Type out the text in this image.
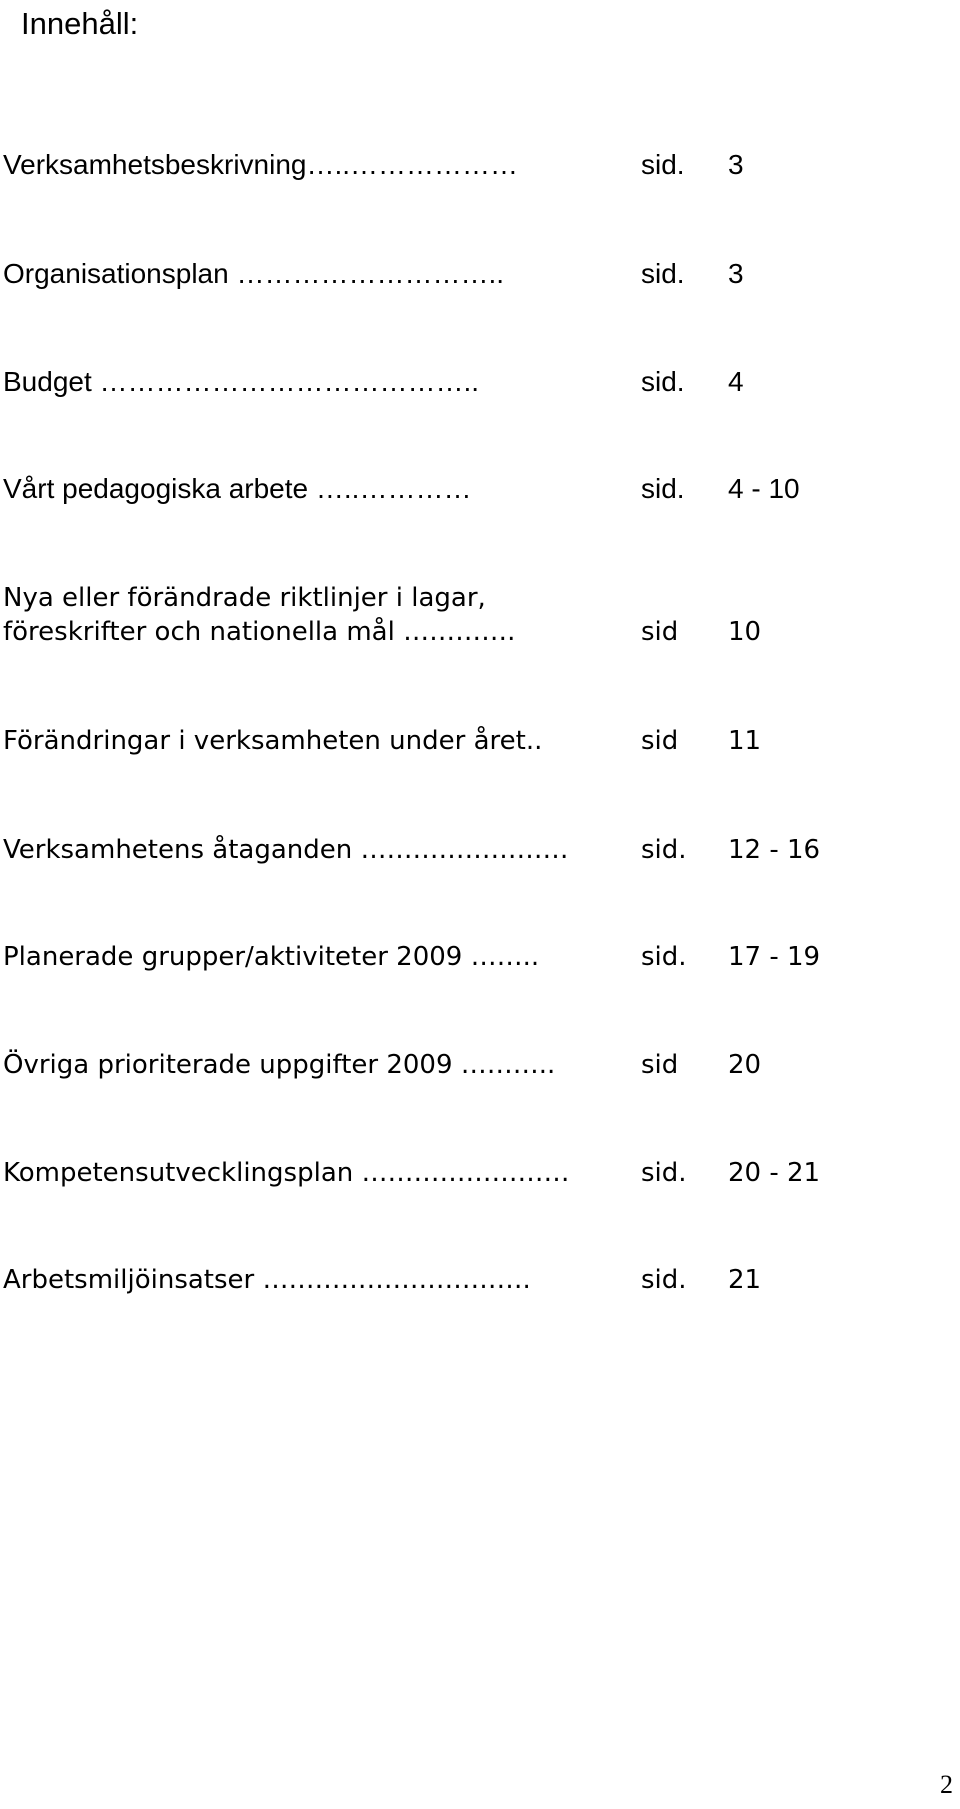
Innehåll:
Verksamhetsbeskrivning…..………………	sid. 3
Organisationsplan ………………………..	sid. 3
Budget …………………………………..	sid. 4
Vårt pedagogiska arbete …..…………	sid. 4 - 10
Nya eller förändrade riktlinjer i lagar,
föreskrifter och nationella mål ………….	sid 10
Förändringar i verksamheten under året..	sid 11
Verksamhetens åtaganden ……………………	sid. 12 - 16
Planerade grupper/aktiviteter 2009 ……..	sid. 17 - 19
Övriga prioriterade uppgifter 2009 ………..	sid 20
Kompetensutvecklingsplan ……………………	sid. 20 - 21
Arbetsmiljöinsatser ………………………….	sid. 21
2
